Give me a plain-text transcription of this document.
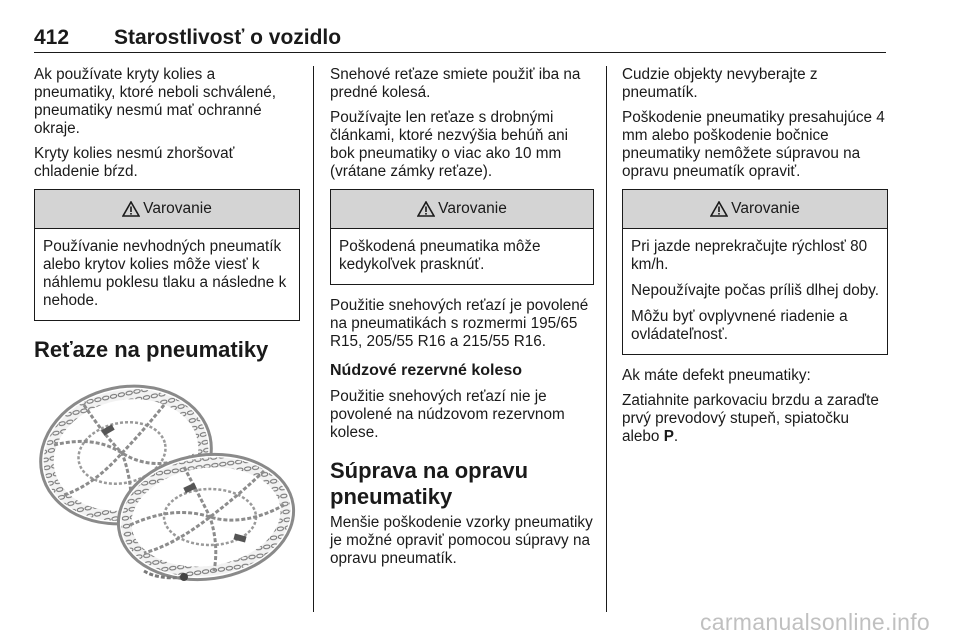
412 Starostlivosť o vozidlo

Ak používate kryty kolies a pneumatiky, ktoré neboli schválené, pneumatiky nesmú mať ochranné okraje.

Kryty kolies nesmú zhoršovať chladenie bŕzd.

Varovanie

Používanie nevhodných pneumatík alebo krytov kolies môže viesť k náhlemu poklesu tlaku a následne k nehode.

Reťaze na pneumatiky

Snehové reťaze smiete použiť iba na predné kolesá.

Používajte len reťaze s drobnými článkami, ktoré nezvýšia behúň ani bok pneumatiky o viac ako 10 mm (vrátane zámky reťaze).

Varovanie

Poškodená pneumatika môže kedykoľvek prasknúť.

Použitie snehových reťazí je povolené na pneumatikách s rozmermi 195/65 R15, 205/55 R16 a 215/55 R16.

Núdzové rezervné koleso

Použitie snehových reťazí nie je povolené na núdzovom rezervnom kolese.

Súprava na opravu pneumatiky

Menšie poškodenie vzorky pneumatiky je možné opraviť pomocou súpravy na opravu pneumatík.

Cudzie objekty nevyberajte z pneumatík.

Poškodenie pneumatiky presahujúce 4 mm alebo poškodenie bočnice pneumatiky nemôžete súpravou na opravu pneumatík opraviť.

Varovanie

Pri jazde neprekračujte rýchlosť 80 km/h.

Nepoužívajte počas príliš dlhej doby.

Môžu byť ovplyvnené riadenie a ovládateľnosť.

Ak máte defekt pneumatiky:

Zatiahnite parkovaciu brzdu a zaraďte prvý prevodový stupeň, spiatočku alebo P.

carmanualsonline.info
